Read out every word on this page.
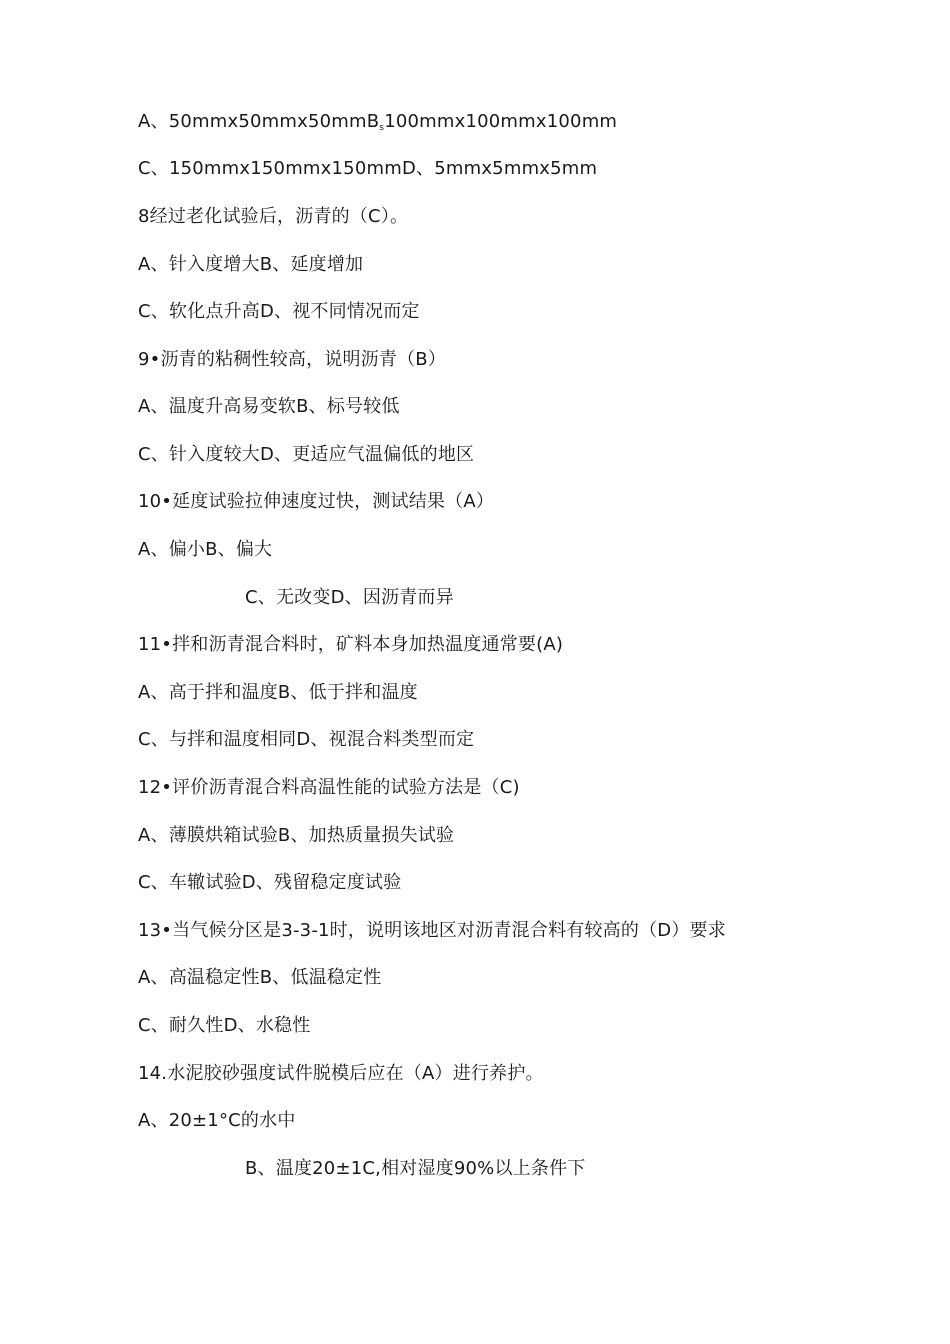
A、50mmx50mmx50mmB$_s$100mmx100mmx100mm
C、150mmx150mmx150mmD、5mmx5mmx5mm
8经过老化试验后，沥青的（C）。
A、针入度增大B、延度增加
C、软化点升高D、视不同情况而定
9•沥青的粘稠性较高，说明沥青（B）
A、温度升高易变软B、标号较低
C、针入度较大D、更适应气温偏低的地区
10•延度试验拉伸速度过快，测试结果（A）
A、偏小B、偏大
C、无改变D、因沥青而异
11•拌和沥青混合料时，矿料本身加热温度通常要(A)
A、高于拌和温度B、低于拌和温度
C、与拌和温度相同D、视混合料类型而定
12•评价沥青混合料高温性能的试验方法是（C)
A、薄膜烘箱试验B、加热质量损失试验
C、车辙试验D、残留稳定度试验
13•当气候分区是3-3-1时，说明该地区对沥青混合料有较高的（D）要求
A、高温稳定性B、低温稳定性
C、耐久性D、水稳性
14.水泥胶砂强度试件脱模后应在（A）进行养护。
A、20±1°C的水中
B、温度20±1C,相对湿度90%以上条件下
